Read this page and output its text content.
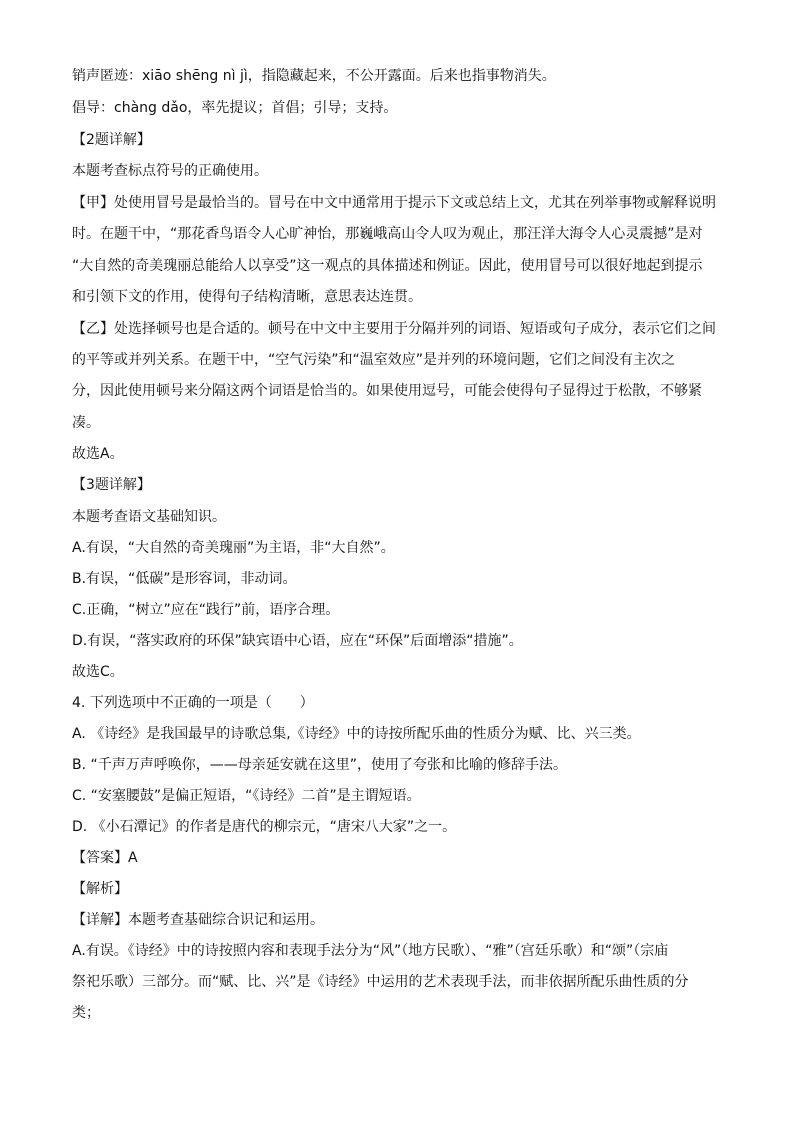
销声匿迹：xiāo shēng nì jì，指隐藏起来，不公开露面。后来也指事物消失。
倡导：chàng dǎo，率先提议；首倡；引导；支持。
【2题详解】
本题考查标点符号的正确使用。
【甲】处使用冒号是最恰当的。冒号在中文中通常用于提示下文或总结上文，尤其在列举事物或解释说明
时。在题干中，“那花香鸟语令人心旷神怡，那巍峨高山令人叹为观止，那汪洋大海令人心灵震撼”是对
“大自然的奇美瑰丽总能给人以享受”这一观点的具体描述和例证。因此，使用冒号可以很好地起到提示
和引领下文的作用，使得句子结构清晰，意思表达连贯。
【乙】处选择顿号也是合适的。顿号在中文中主要用于分隔并列的词语、短语或句子成分，表示它们之间
的平等或并列关系。在题干中，“空气污染”和“温室效应”是并列的环境问题，它们之间没有主次之
分，因此使用顿号来分隔这两个词语是恰当的。如果使用逗号，可能会使得句子显得过于松散，不够紧
凑。
故选A。
【3题详解】
本题考查语文基础知识。
A.有误，“大自然的奇美瑰丽”为主语，非“大自然”。
B.有误，“低碳”是形容词，非动词。
C.正确，“树立”应在“践行”前，语序合理。
D.有误，“落实政府的环保”缺宾语中心语，应在“环保”后面增添“措施”。
故选C。
4. 下列选项中不正确的一项是（　　）
A. 《诗经》是我国最早的诗歌总集,《诗经》中的诗按所配乐曲的性质分为赋、比、兴三类。
B. “千声万声呼唤你，——母亲延安就在这里”，使用了夸张和比喻的修辞手法。
C. “安塞腰鼓”是偏正短语，“《诗经》二首”是主谓短语。
D. 《小石潭记》的作者是唐代的柳宗元，“唐宋八大家”之一。
【答案】A
【解析】
【详解】本题考查基础综合识记和运用。
A.有误。《诗经》中的诗按照内容和表现手法分为“风”（地方民歌）、“雅”（宫廷乐歌）和“颂”（宗庙
祭祀乐歌）三部分。而“赋、比、兴”是《诗经》中运用的艺术表现手法，而非依据所配乐曲性质的分
类；
